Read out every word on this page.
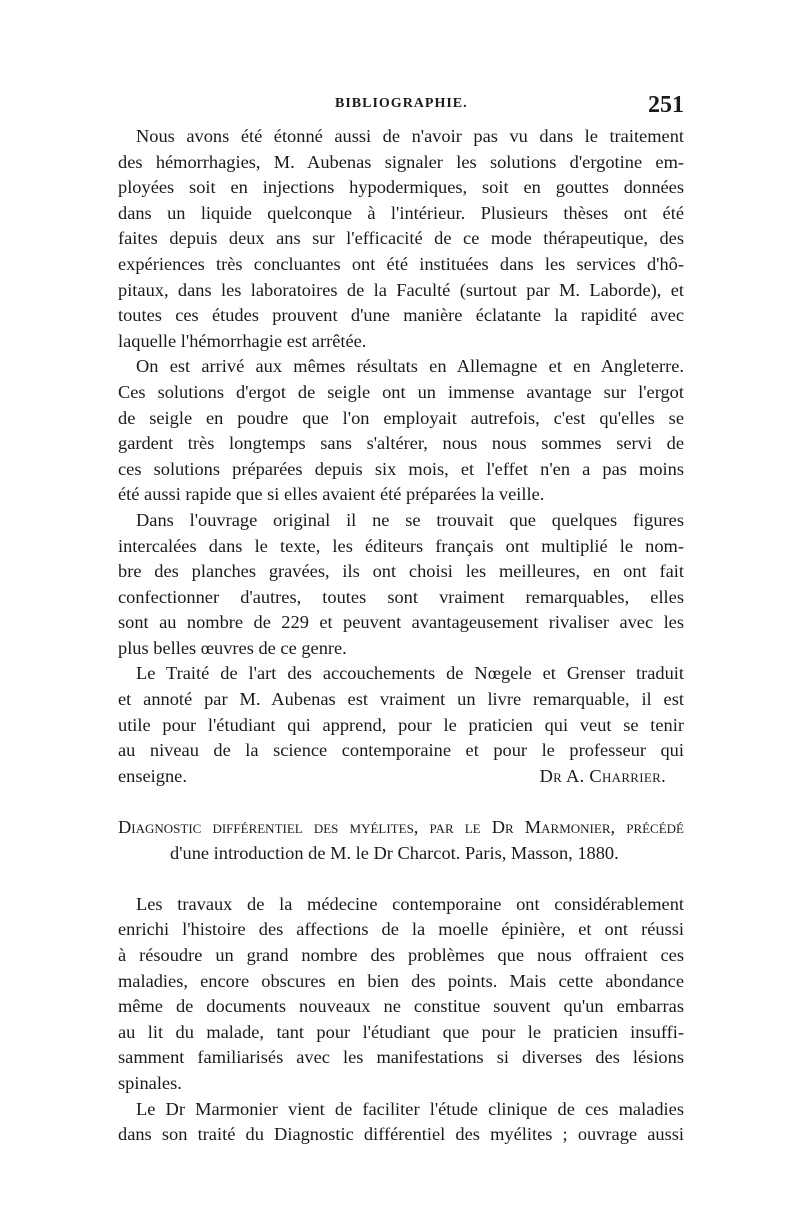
BIBLIOGRAPHIE.	251
Nous avons été étonné aussi de n'avoir pas vu dans le traitement
des hémorrhagies, M. Aubenas signaler les solutions d'ergotine em-
ployées soit en injections hypodermiques, soit en gouttes données
dans un liquide quelconque à l'intérieur. Plusieurs thèses ont été
faites depuis deux ans sur l'efficacité de ce mode thérapeutique, des
expériences très concluantes ont été instituées dans les services d'hô-
pitaux, dans les laboratoires de la Faculté (surtout par M. Laborde), et
toutes ces études prouvent d'une manière éclatante la rapidité avec
laquelle l'hémorrhagie est arrêtée.
On est arrivé aux mêmes résultats en Allemagne et en Angleterre.
Ces solutions d'ergot de seigle ont un immense avantage sur l'ergot
de seigle en poudre que l'on employait autrefois, c'est qu'elles se
gardent très longtemps sans s'altérer, nous nous sommes servi de
ces solutions préparées depuis six mois, et l'effet n'en a pas moins
été aussi rapide que si elles avaient été préparées la veille.
Dans l'ouvrage original il ne se trouvait que quelques figures
intercalées dans le texte, les éditeurs français ont multiplié le nom-
bre des planches gravées, ils ont choisi les meilleures, en ont fait
confectionner d'autres, toutes sont vraiment remarquables, elles
sont au nombre de 229 et peuvent avantageusement rivaliser avec les
plus belles œuvres de ce genre.
Le Traité de l'art des accouchements de Nœgele et Grenser traduit
et annoté par M. Aubenas est vraiment un livre remarquable, il est
utile pour l'étudiant qui apprend, pour le praticien qui veut se tenir
au niveau de la science contemporaine et pour le professeur qui
enseigne.	Dr A. Charrier.
Diagnostic différentiel des myélites, par le Dr Marmonier, précédé
d'une introduction de M. le Dr Charcot. Paris, Masson, 1880.
Les travaux de la médecine contemporaine ont considérablement
enrichi l'histoire des affections de la moelle épinière, et ont réussi
à résoudre un grand nombre des problèmes que nous offraient ces
maladies, encore obscures en bien des points. Mais cette abondance
même de documents nouveaux ne constitue souvent qu'un embarras
au lit du malade, tant pour l'étudiant que pour le praticien insuffi-
samment familiarisés avec les manifestations si diverses des lésions
spinales.
Le Dr Marmonier vient de faciliter l'étude clinique de ces maladies
dans son traité du Diagnostic différentiel des myélites ; ouvrage aussi
